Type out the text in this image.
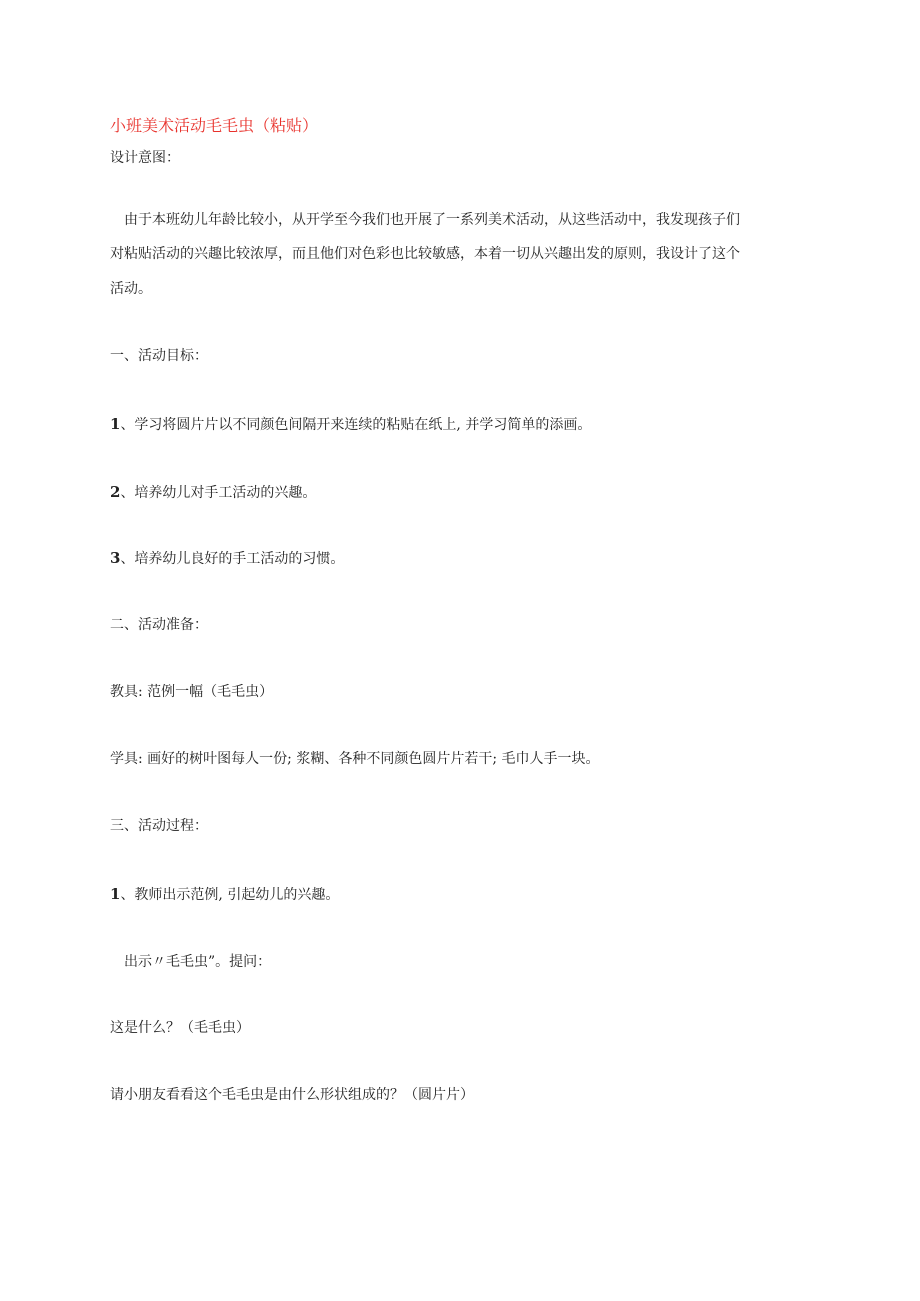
小班美术活动毛毛虫（粘贴）
设计意图：
由于本班幼儿年龄比较小，从开学至今我们也开展了一系列美术活动，从这些活动中，我发现孩子们
对粘贴活动的兴趣比较浓厚，而且他们对色彩也比较敏感，本着一切从兴趣出发的原则，我设计了这个
活动。
一、活动目标：
1、学习将圆片片以不同颜色间隔开来连续的粘贴在纸上, 并学习简单的添画。
2、培养幼儿对手工活动的兴趣。
3、培养幼儿良好的手工活动的习惯。
二、活动准备：
教具: 范例一幅（毛毛虫）
学具: 画好的树叶图每人一份; 浆糊、各种不同颜色圆片片若干; 毛巾人手一块。
三、活动过程：
1、教师出示范例, 引起幼儿的兴趣。
出示〃毛毛虫”。提问：
这是什么？（毛毛虫）
请小朋友看看这个毛毛虫是由什么形状组成的？（圆片片）
